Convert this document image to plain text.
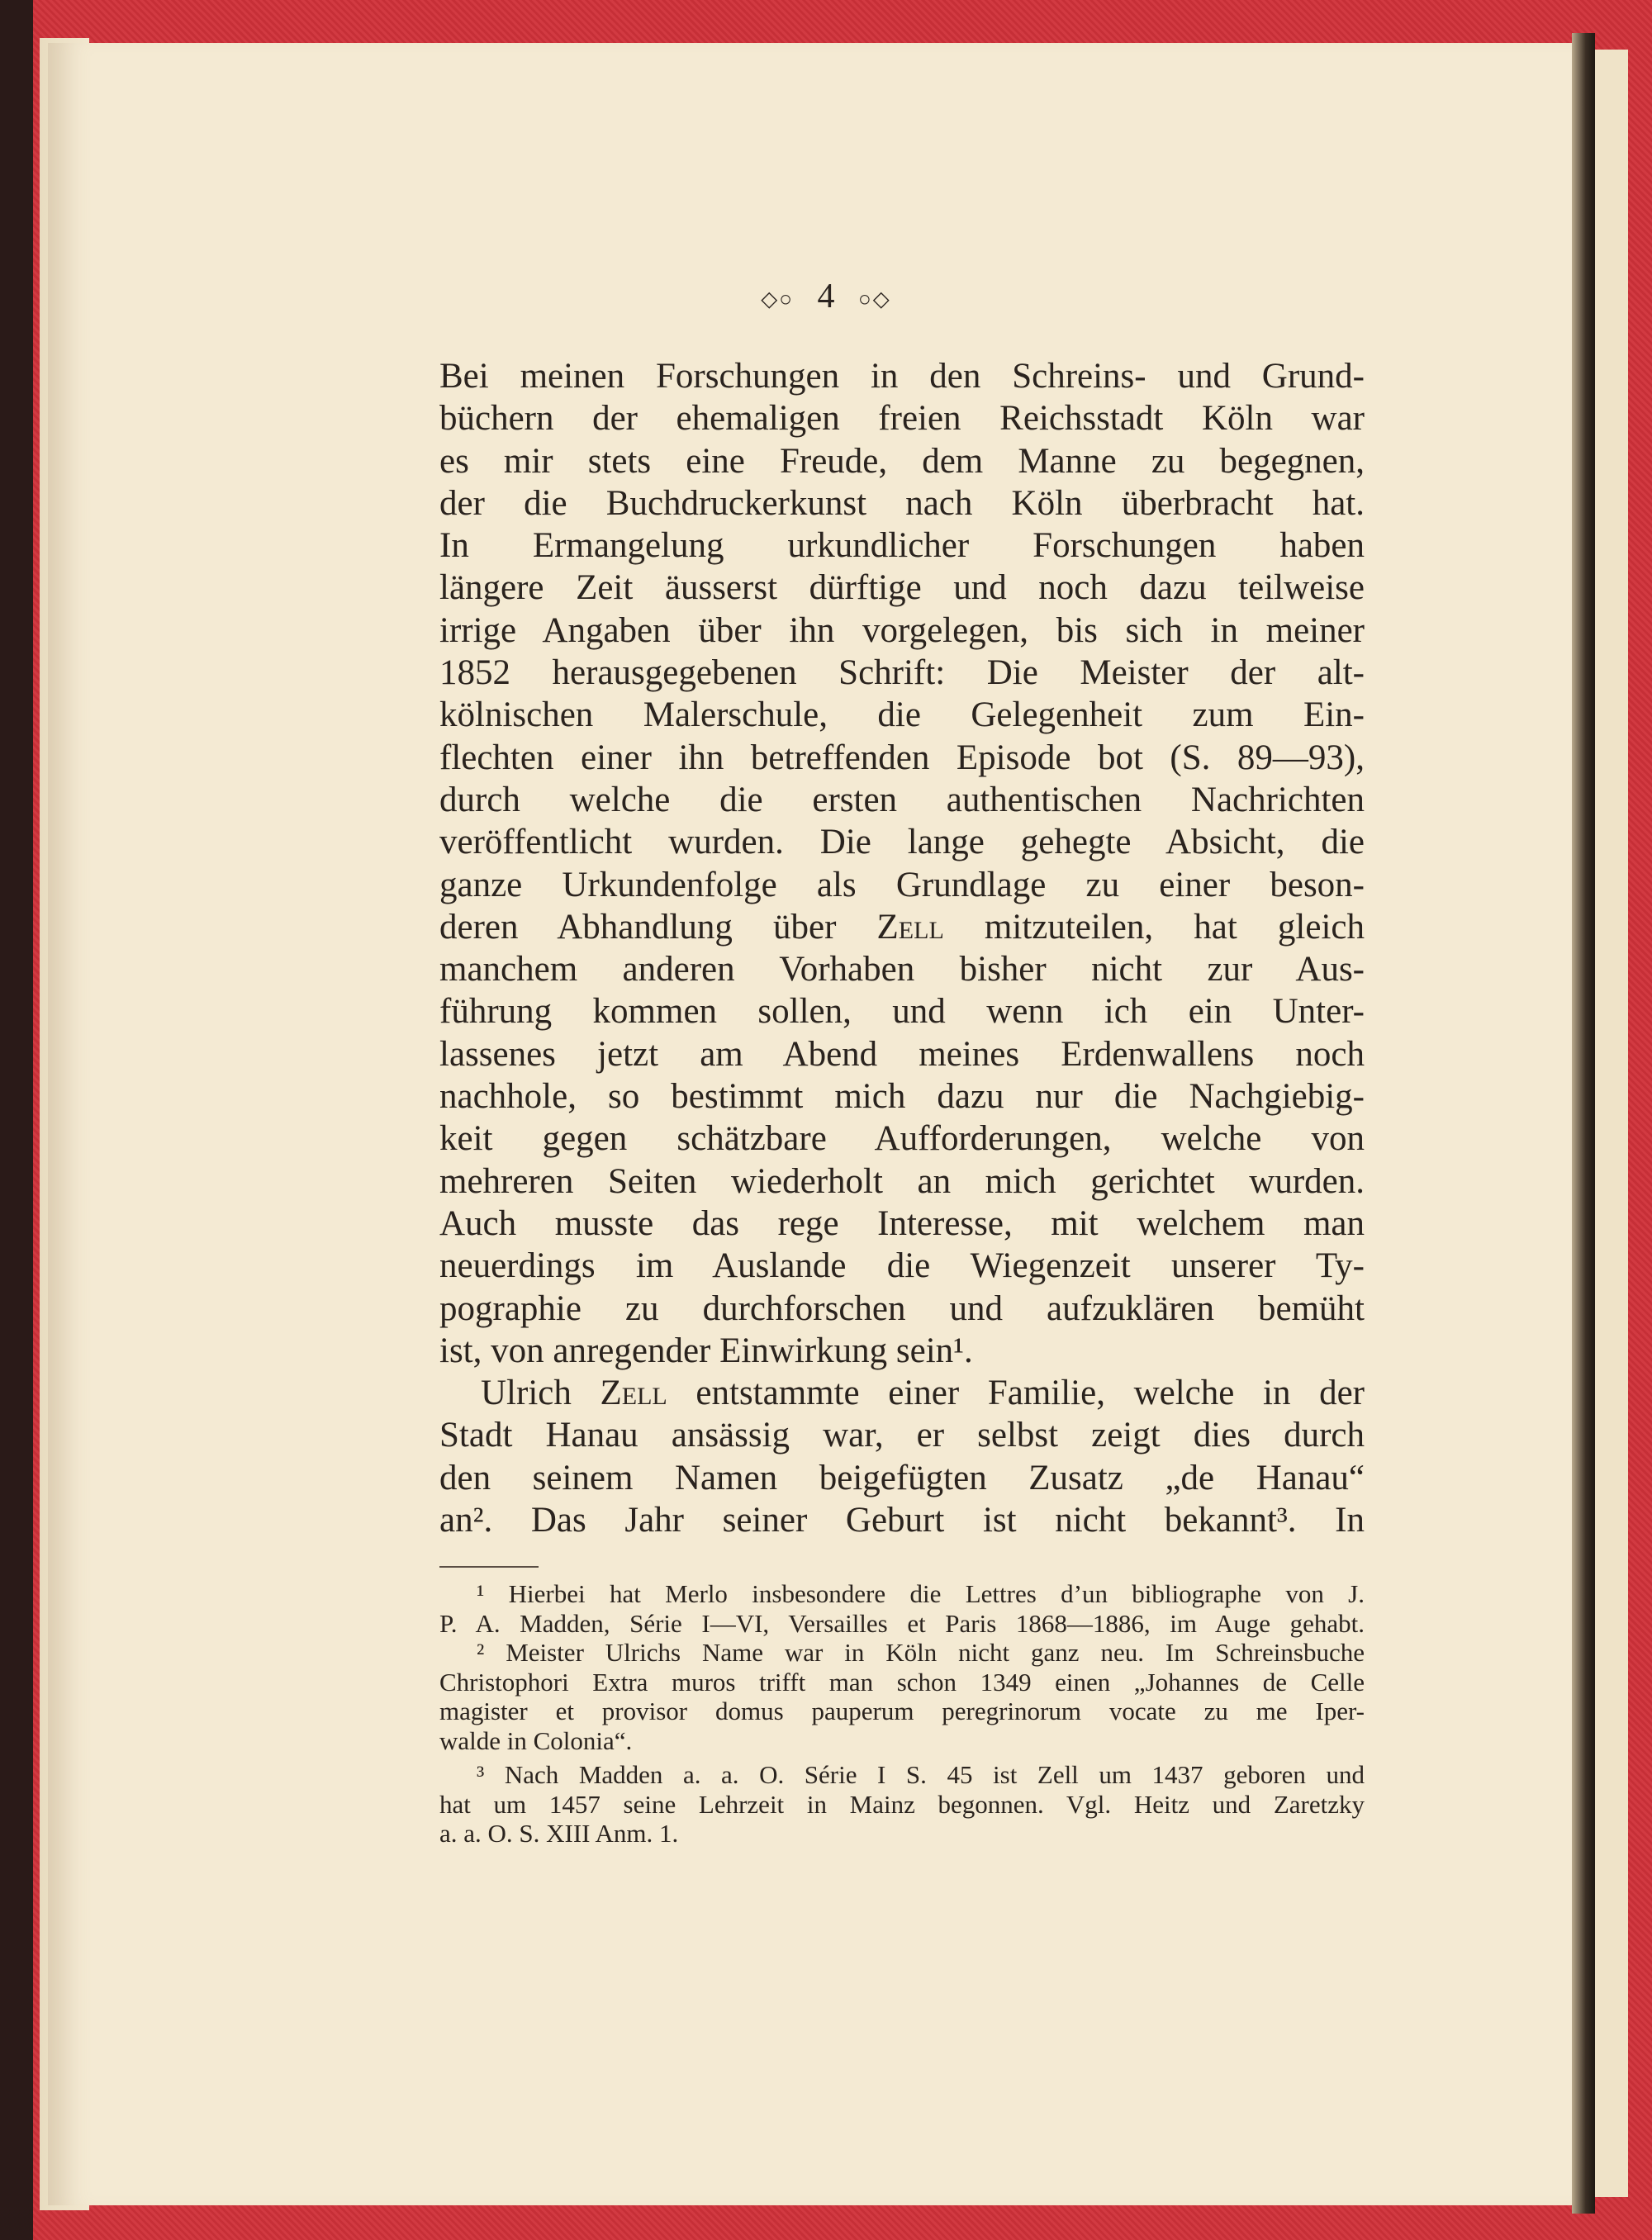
◇○ 4 ○◇
Bei meinen Forschungen in den Schreins- und Grund-
büchern der ehemaligen freien Reichsstadt Köln war
es mir stets eine Freude, dem Manne zu begegnen,
der die Buchdruckerkunst nach Köln überbracht hat.
In Ermangelung urkundlicher Forschungen haben
längere Zeit äusserst dürftige und noch dazu teilweise
irrige Angaben über ihn vorgelegen, bis sich in meiner
1852 herausgegebenen Schrift: Die Meister der alt-
kölnischen Malerschule, die Gelegenheit zum Ein-
flechten einer ihn betreffenden Episode bot (S. 89—93),
durch welche die ersten authentischen Nachrichten
veröffentlicht wurden. Die lange gehegte Absicht, die
ganze Urkundenfolge als Grundlage zu einer beson-
deren Abhandlung über Zell mitzuteilen, hat gleich
manchem anderen Vorhaben bisher nicht zur Aus-
führung kommen sollen, und wenn ich ein Unter-
lassenes jetzt am Abend meines Erdenwallens noch
nachhole, so bestimmt mich dazu nur die Nachgiebig-
keit gegen schätzbare Aufforderungen, welche von
mehreren Seiten wiederholt an mich gerichtet wurden.
Auch musste das rege Interesse, mit welchem man
neuerdings im Auslande die Wiegenzeit unserer Ty-
pographie zu durchforschen und aufzuklären bemüht
ist, von anregender Einwirkung sein¹.
Ulrich Zell entstammte einer Familie, welche in der
Stadt Hanau ansässig war, er selbst zeigt dies durch
den seinem Namen beigefügten Zusatz „de Hanau“
an². Das Jahr seiner Geburt ist nicht bekannt³. In
¹ Hierbei hat Merlo insbesondere die Lettres d’un bibliographe von J.
P. A. Madden, Série I—VI, Versailles et Paris 1868—1886, im Auge gehabt.
² Meister Ulrichs Name war in Köln nicht ganz neu. Im Schreinsbuche
Christophori Extra muros trifft man schon 1349 einen „Johannes de Celle
magister et provisor domus pauperum peregrinorum vocate zu me Iper-
walde in Colonia“.
³ Nach Madden a. a. O. Série I S. 45 ist Zell um 1437 geboren und
hat um 1457 seine Lehrzeit in Mainz begonnen. Vgl. Heitz und Zaretzky
a. a. O. S. XIII Anm. 1.
